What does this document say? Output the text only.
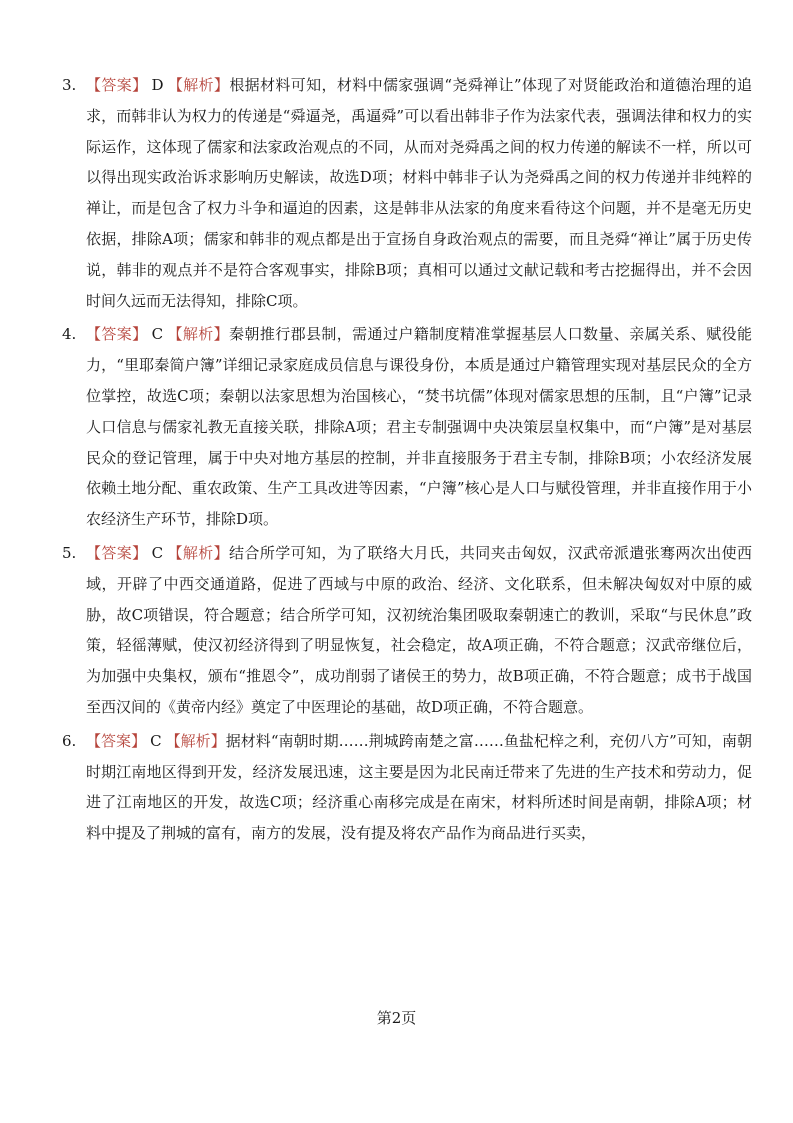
3. 【答案】 D 【解析】根据材料可知，材料中儒家强调“尧舜禅让”体现了对贤能政治和道德治理的追求，而韩非认为权力的传递是“舜逼尧，禹逼舜”可以看出韩非子作为法家代表，强调法律和权力的实际运作，这体现了儒家和法家政治观点的不同，从而对尧舜禹之间的权力传递的解读不一样，所以可以得出现实政治诉求影响历史解读，故选D项；材料中韩非子认为尧舜禹之间的权力传递并非纯粹的禅让，而是包含了权力斗争和逼迫的因素，这是韩非从法家的角度来看待这个问题，并不是毫无历史依据，排除A项；儒家和韩非的观点都是出于宣扬自身政治观点的需要，而且尧舜“禅让”属于历史传说，韩非的观点并不是符合客观事实，排除B项；真相可以通过文献记载和考古挖掘得出，并不会因时间久远而无法得知，排除C项。
4. 【答案】 C 【解析】秦朝推行郡县制，需通过户籍制度精准掌握基层人口数量、亲属关系、赋役能力，“里耶秦简户簿”详细记录家庭成员信息与课役身份，本质是通过户籍管理实现对基层民众的全方位掌控，故选C项；秦朝以法家思想为治国核心，“焚书坑儒”体现对儒家思想的压制，且“户簿”记录人口信息与儒家礼教无直接关联，排除A项；君主专制强调中央决策层皇权集中，而“户簿”是对基层民众的登记管理，属于中央对地方基层的控制，并非直接服务于君主专制，排除B项；小农经济发展依赖土地分配、重农政策、生产工具改进等因素，“户簿”核心是人口与赋役管理，并非直接作用于小农经济生产环节，排除D项。
5. 【答案】 C 【解析】结合所学可知，为了联络大月氏，共同夹击匈奴，汉武帝派遣张骞两次出使西域，开辟了中西交通道路，促进了西域与中原的政治、经济、文化联系，但未解决匈奴对中原的威胁，故C项错误，符合题意；结合所学可知，汉初统治集团吸取秦朝速亡的教训，采取“与民休息”政策，轻徭薄赋，使汉初经济得到了明显恢复，社会稳定，故A项正确，不符合题意；汉武帝继位后，为加强中央集权，颁布“推恩令”，成功削弱了诸侯王的势力，故B项正确，不符合题意；成书于战国至西汉间的《黄帝内经》奠定了中医理论的基础，故D项正确，不符合题意。
6. 【答案】 C 【解析】据材料“南朝时期……荆城跨南楚之富……鱼盐杞梓之利，充仞八方”可知，南朝时期江南地区得到开发，经济发展迅速，这主要是因为北民南迁带来了先进的生产技术和劳动力，促进了江南地区的开发，故选C项；经济重心南移完成是在南宋，材料所述时间是南朝，排除A项；材料中提及了荆城的富有，南方的发展，没有提及将农产品作为商品进行买卖，
第2页
